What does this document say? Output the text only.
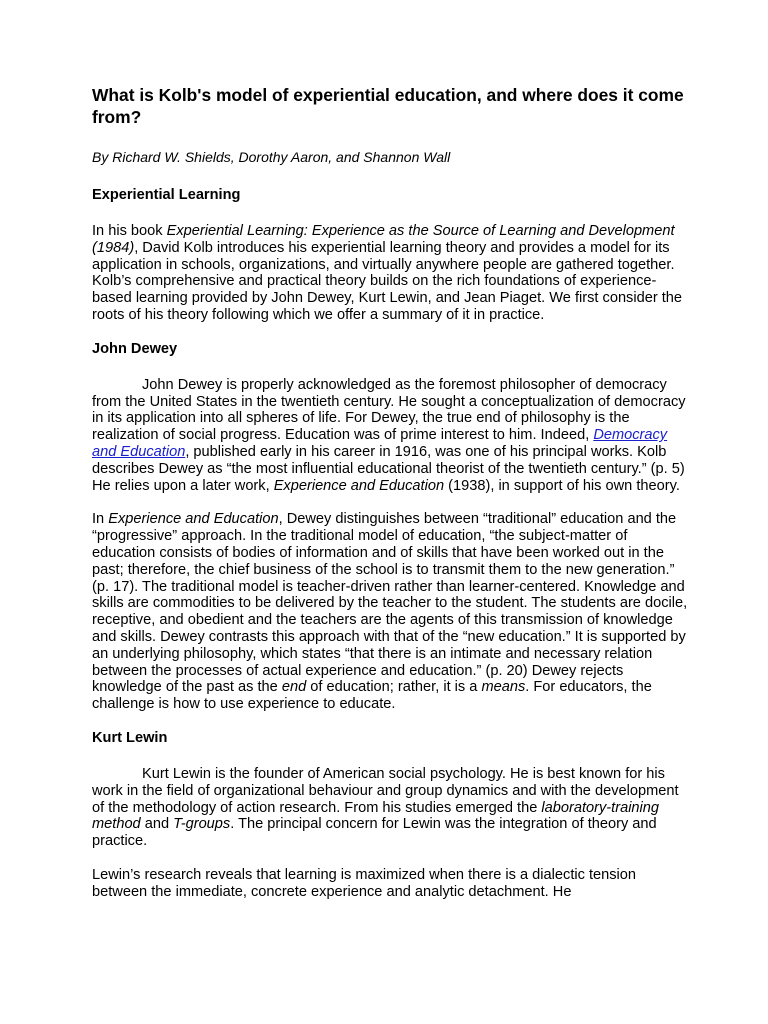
What is Kolb's model of experiential education, and where does it come from?
By Richard W. Shields, Dorothy Aaron, and Shannon Wall
Experiential Learning

In his book Experiential Learning: Experience as the Source of Learning and Development (1984), David Kolb introduces his experiential learning theory and provides a model for its application in schools, organizations, and virtually anywhere people are gathered together. Kolb’s comprehensive and practical theory builds on the rich foundations of experience-based learning provided by John Dewey, Kurt Lewin, and Jean Piaget. We first consider the roots of his theory following which we offer a summary of it in practice.

John Dewey

John Dewey is properly acknowledged as the foremost philosopher of democracy from the United States in the twentieth century. He sought a conceptualization of democracy in its application into all spheres of life. For Dewey, the true end of philosophy is the realization of social progress. Education was of prime interest to him. Indeed, Democracy and Education, published early in his career in 1916, was one of his principal works. Kolb describes Dewey as “the most influential educational theorist of the twentieth century.” (p. 5) He relies upon a later work, Experience and Education (1938), in support of his own theory.

In Experience and Education, Dewey distinguishes between “traditional” education and the “progressive” approach. In the traditional model of education, “the subject-matter of education consists of bodies of information and of skills that have been worked out in the past; therefore, the chief business of the school is to transmit them to the new generation.” (p. 17). The traditional model is teacher-driven rather than learner-centered. Knowledge and skills are commodities to be delivered by the teacher to the student. The students are docile, receptive, and obedient and the teachers are the agents of this transmission of knowledge and skills. Dewey contrasts this approach with that of the “new education.” It is supported by an underlying philosophy, which states “that there is an intimate and necessary relation between the processes of actual experience and education.” (p. 20) Dewey rejects knowledge of the past as the end of education; rather, it is a means. For educators, the challenge is how to use experience to educate.

Kurt Lewin

Kurt Lewin is the founder of American social psychology. He is best known for his work in the field of organizational behaviour and group dynamics and with the development of the methodology of action research. From his studies emerged the laboratory-training method and T-groups. The principal concern for Lewin was the integration of theory and practice.

Lewin’s research reveals that learning is maximized when there is a dialectic tension between the immediate, concrete experience and analytic detachment. He
